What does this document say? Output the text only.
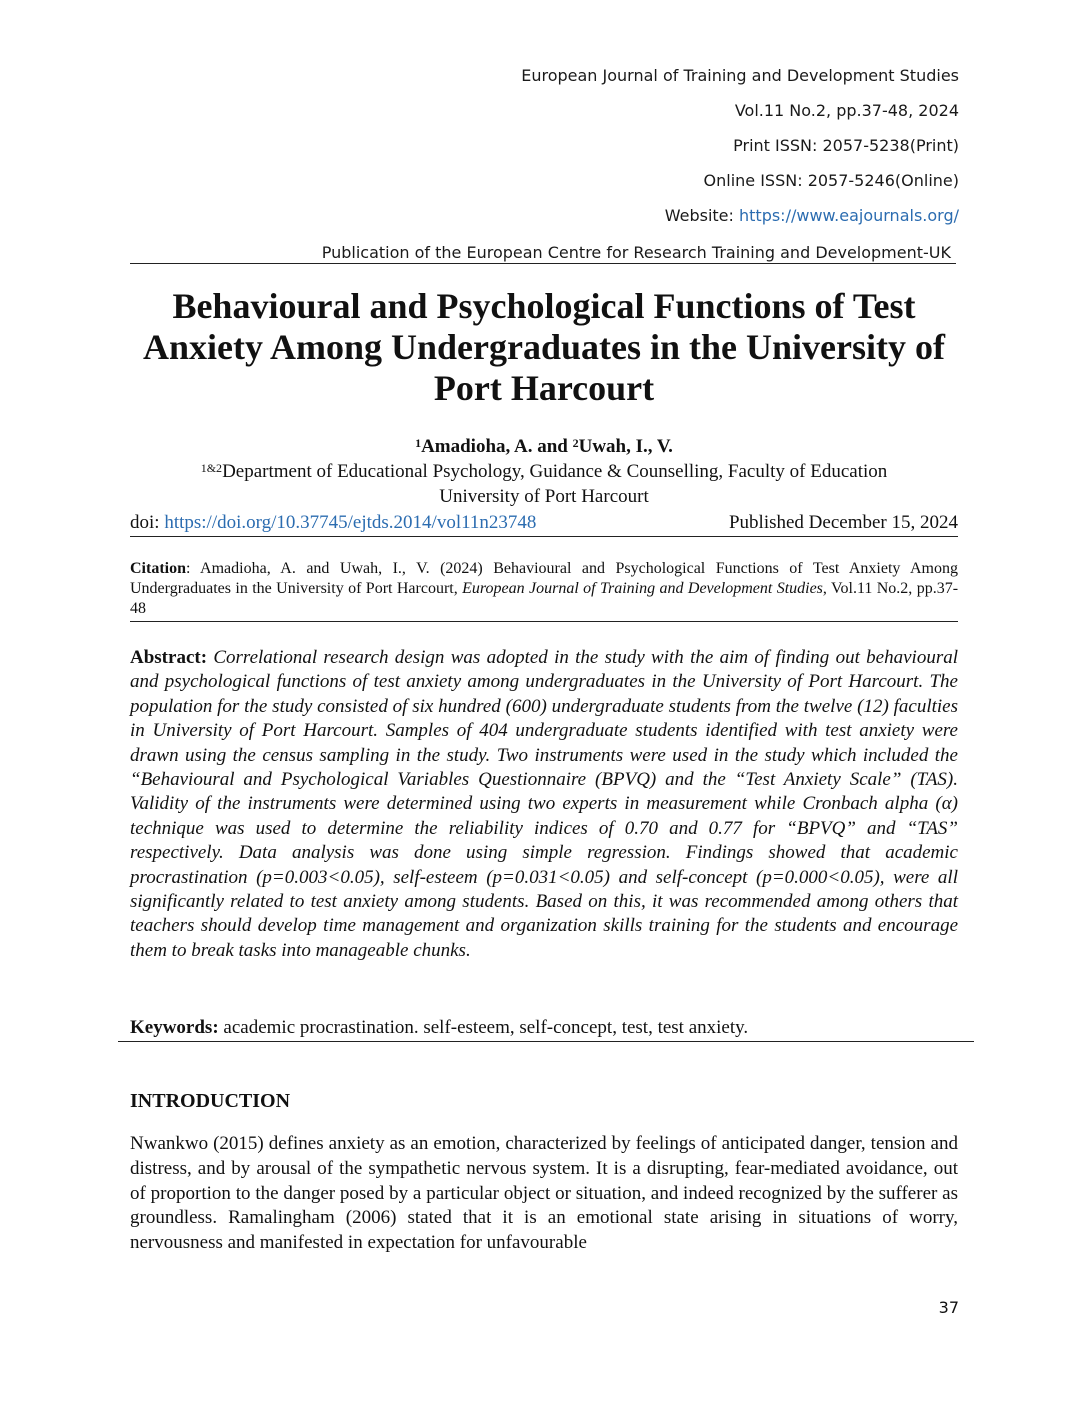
European Journal of Training and Development Studies
Vol.11 No.2, pp.37-48, 2024
Print ISSN: 2057-5238(Print)
Online ISSN: 2057-5246(Online)
Website: https://www.eajournals.org/
Publication of the European Centre for Research Training and Development-UK
Behavioural and Psychological Functions of Test Anxiety Among Undergraduates in the University of Port Harcourt
$^1$Amadioha, A. and $^2$Uwah, I., V.
$^{1\&2}$Department of Educational Psychology, Guidance & Counselling, Faculty of Education
University of Port Harcourt
doi: https://doi.org/10.37745/ejtds.2014/vol11n23748	Published December 15, 2024
Citation: Amadioha, A. and Uwah, I., V. (2024) Behavioural and Psychological Functions of Test Anxiety Among Undergraduates in the University of Port Harcourt, European Journal of Training and Development Studies, Vol.11 No.2, pp.37-48
Abstract: Correlational research design was adopted in the study with the aim of finding out behavioural and psychological functions of test anxiety among undergraduates in the University of Port Harcourt. The population for the study consisted of six hundred (600) undergraduate students from the twelve (12) faculties in University of Port Harcourt. Samples of 404 undergraduate students identified with test anxiety were drawn using the census sampling in the study. Two instruments were used in the study which included the “Behavioural and Psychological Variables Questionnaire (BPVQ) and the “Test Anxiety Scale” (TAS). Validity of the instruments were determined using two experts in measurement while Cronbach alpha (α) technique was used to determine the reliability indices of 0.70 and 0.77 for “BPVQ” and “TAS” respectively. Data analysis was done using simple regression. Findings showed that academic procrastination (p=0.003<0.05), self-esteem (p=0.031<0.05) and self-concept (p=0.000<0.05), were all significantly related to test anxiety among students. Based on this, it was recommended among others that teachers should develop time management and organization skills training for the students and encourage them to break tasks into manageable chunks.
Keywords: academic procrastination. self-esteem, self-concept, test, test anxiety.
INTRODUCTION
Nwankwo (2015) defines anxiety as an emotion, characterized by feelings of anticipated danger, tension and distress, and by arousal of the sympathetic nervous system. It is a disrupting, fear-mediated avoidance, out of proportion to the danger posed by a particular object or situation, and indeed recognized by the sufferer as groundless. Ramalingham (2006) stated that it is an emotional state arising in situations of worry, nervousness and manifested in expectation for unfavourable
37
